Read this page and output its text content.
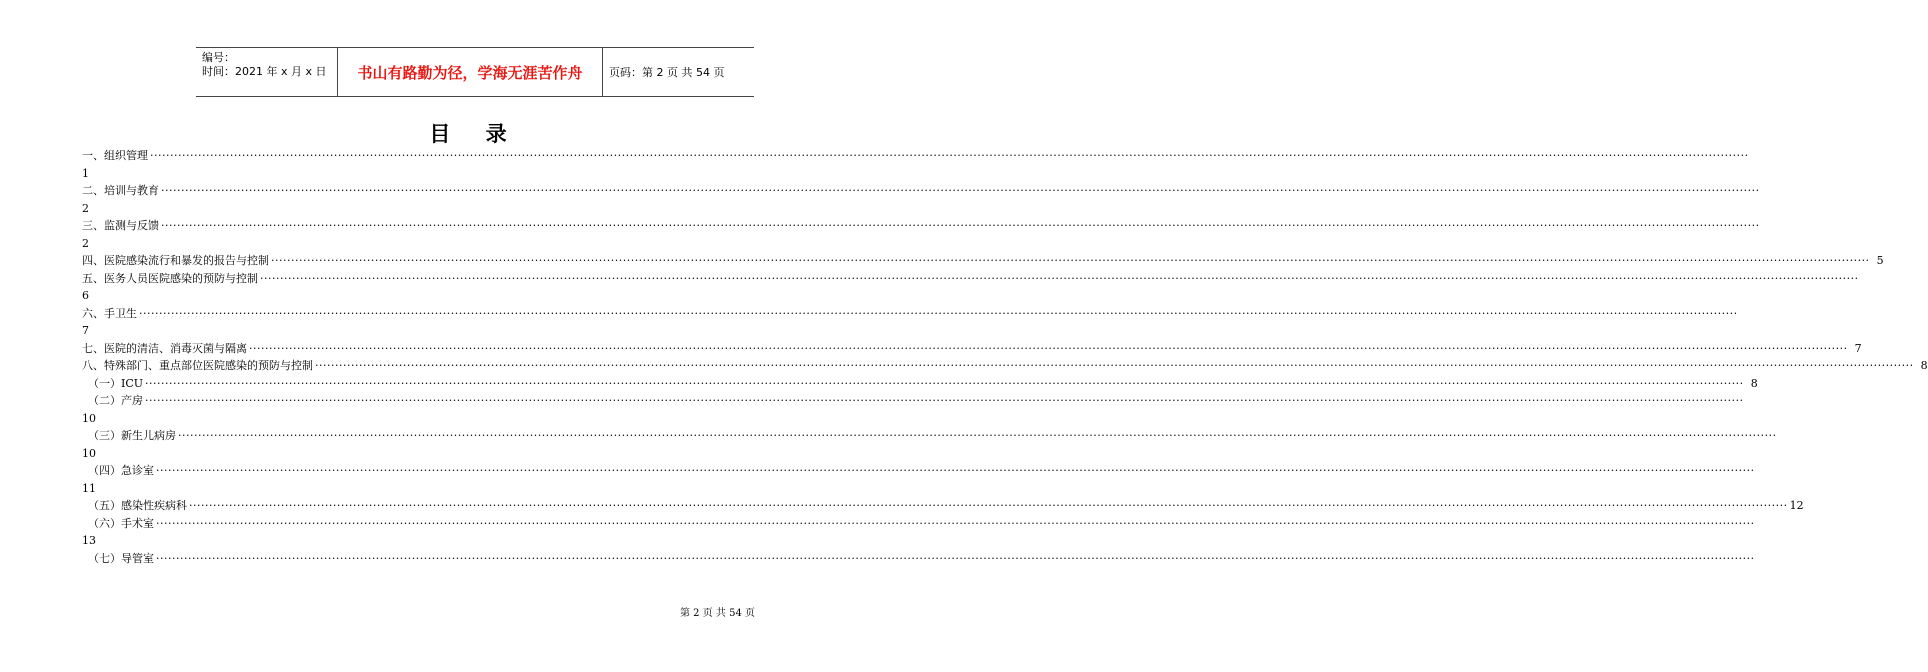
编号：
时间：2021 年 x 月 x 日	书山有路勤为径，学海无涯苦作舟	页码：第 2 页 共 54 页
目 录
一、组织管理 ················································································································································································································································································································································································································
1
二、培训与教育 ················································································································································································································································································································································································································
2
三、监测与反馈 ················································································································································································································································································································································································································
2
四、医院感染流行和暴发的报告与控制 ················································································································································································································································································································································································································ 5
五、医务人员医院感染的预防与控制 ················································································································································································································································································································································································································
6
六、手卫生 ················································································································································································································································································································································································································
7
七、医院的清洁、消毒灭菌与隔离 ················································································································································································································································································································································································································ 7
八、特殊部门、重点部位医院感染的预防与控制 ················································································································································································································································································································································································································ 8
（一）ICU ················································································································································································································································································································································································································ 8
（二）产房 ················································································································································································································································································································································································································
10
（三）新生儿病房 ················································································································································································································································································································································································································
10
（四）急诊室 ················································································································································································································································································································································································································
11
（五）感染性疾病科 ················································································································································································································································································································································································································ 12
（六）手术室 ················································································································································································································································································································································································································
13
（七）导管室 ················································································································································································································································································································································································································
第 2 页 共 54 页
